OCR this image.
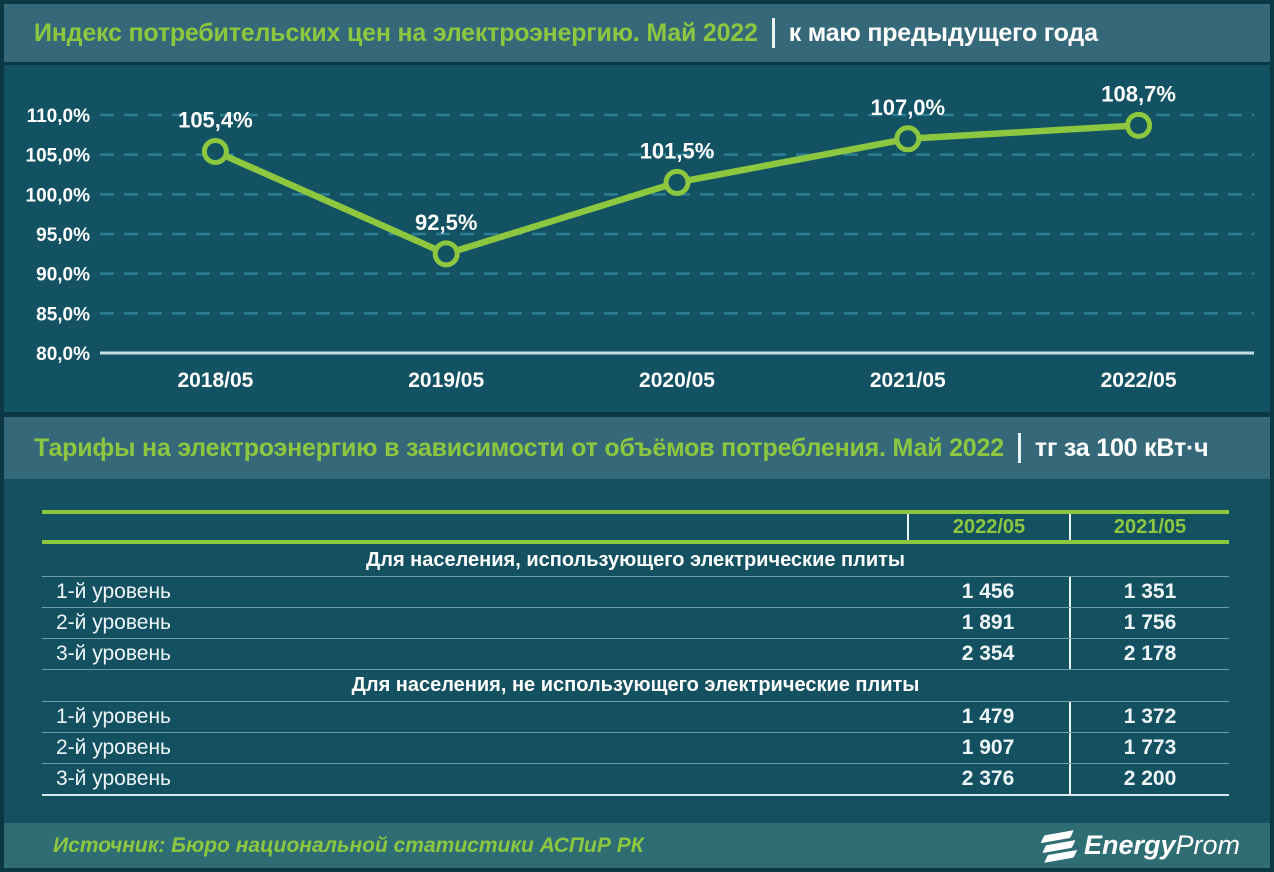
Индекс потребительских цен на электроэнергию. Май 2022 к маю предыдущего года
110,0%
105,0%
100,0%
95,0%
90,0%
85,0%
80,0%
2018/05	2019/05	2020/05	2021/05	2022/05
105,4%
92,5%
101,5%
107,0%
108,7%
Тарифы на электроэнергию в зависимости от объёмов потребления. Май 2022 тг за 100 кВт·ч
2022/05	2021/05
Для населения, использующего электрические плиты
1-й уровень	1 456	1 351
2-й уровень	1 891	1 756
3-й уровень	2 354	2 178
Для населения, не использующего электрические плиты
1-й уровень	1 479	1 372
2-й уровень	1 907	1 773
3-й уровень	2 376	2 200
Источник: Бюро национальной статистики АСПиР РК	EnergyProm
